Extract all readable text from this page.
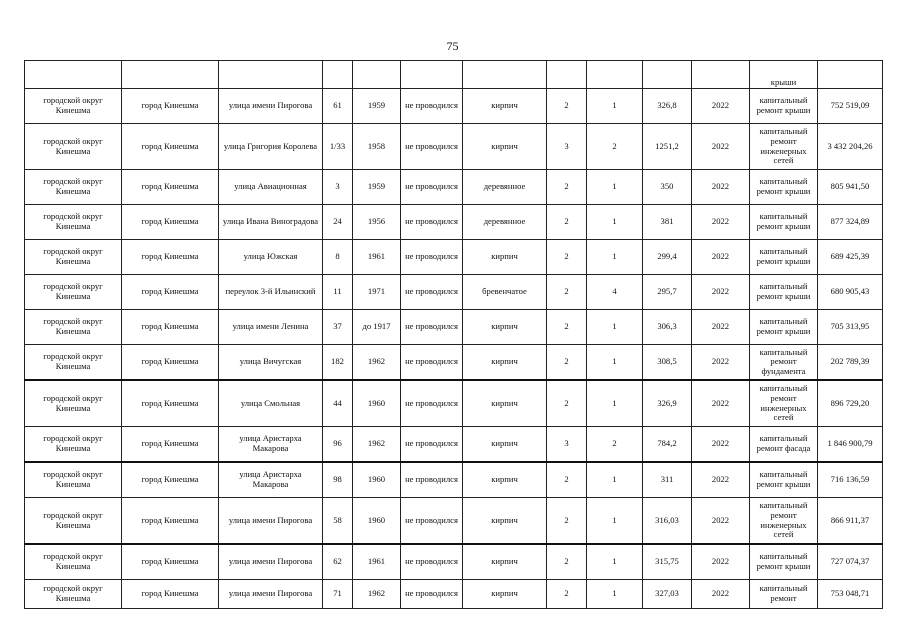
75
											крыши	
городской округ Кинешма	город Кинешма	улица имени Пирогова	61	1959	не проводился	кирпич	2	1	326,8	2022	капитальный ремонт крыши	752 519,09
городской округ Кинешма	город Кинешма	улица Григория Королева	1/33	1958	не проводился	кирпич	3	2	1251,2	2022	капитальный ремонт инженерных сетей	3 432 204,26
городской округ Кинешма	город Кинешма	улица Авиационная	3	1959	не проводился	деревянное	2	1	350	2022	капитальный ремонт крыши	805 941,50
городской округ Кинешма	город Кинешма	улица Ивана Виноградова	24	1956	не проводился	деревянное	2	1	381	2022	капитальный ремонт крыши	877 324,89
городской округ Кинешма	город Кинешма	улица Южская	8	1961	не проводился	кирпич	2	1	299,4	2022	капитальный ремонт крыши	689 425,39
городской округ Кинешма	город Кинешма	переулок 3-й Ильинский	11	1971	не проводился	бревенчатое	2	4	295,7	2022	капитальный ремонт крыши	680 905,43
городской округ Кинешма	город Кинешма	улица имени Ленина	37	до 1917	не проводился	кирпич	2	1	306,3	2022	капитальный ремонт крыши	705 313,95
городской округ Кинешма	город Кинешма	улица Вичугская	182	1962	не проводился	кирпич	2	1	308,5	2022	капитальный ремонт фундамента	202 789,39
городской округ Кинешма	город Кинешма	улица Смольная	44	1960	не проводился	кирпич	2	1	326,9	2022	капитальный ремонт инженерных сетей	896 729,20
городской округ Кинешма	город Кинешма	улица Аристарха Макарова	96	1962	не проводился	кирпич	3	2	784,2	2022	капитальный ремонт фасада	1 846 900,79
городской округ Кинешма	город Кинешма	улица Аристарха Макарова	98	1960	не проводился	кирпич	2	1	311	2022	капитальный ремонт крыши	716 136,59
городской округ Кинешма	город Кинешма	улица имени Пирогова	58	1960	не проводился	кирпич	2	1	316,03	2022	капитальный ремонт инженерных сетей	866 911,37
городской округ Кинешма	город Кинешма	улица имени Пирогова	62	1961	не проводился	кирпич	2	1	315,75	2022	капитальный ремонт крыши	727 074,37
городской округ Кинешма	город Кинешма	улица имени Пирогова	71	1962	не проводился	кирпич	2	1	327,03	2022	капитальный ремонт	753 048,71
